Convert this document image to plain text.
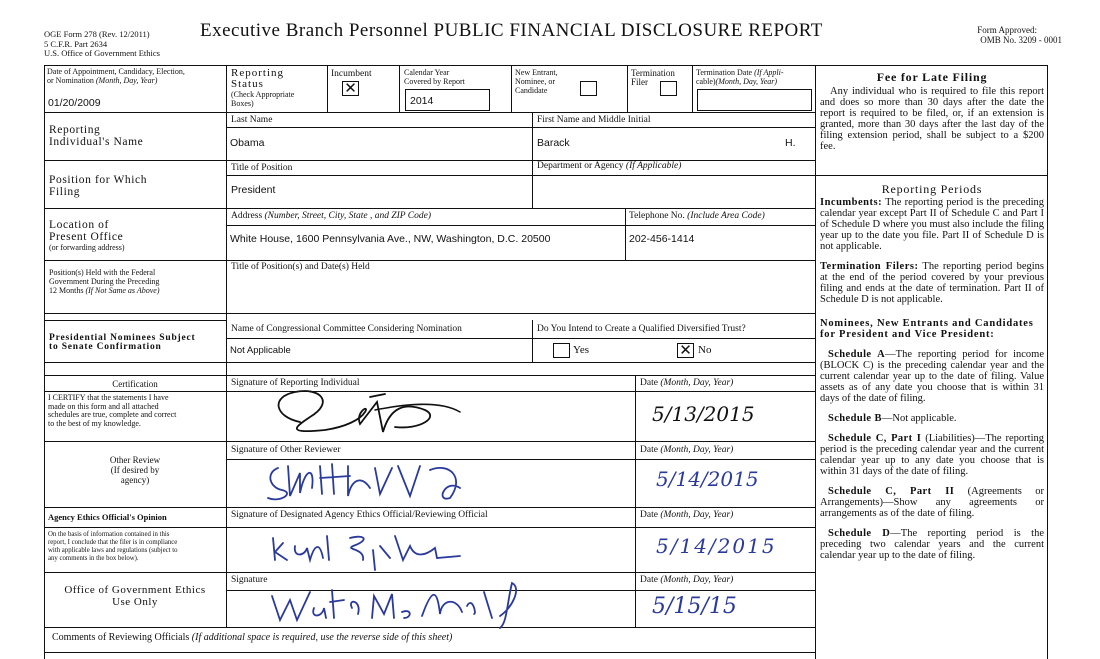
OGE Form 278 (Rev. 12/2011)
5 C.F.R. Part 2634
U.S. Office of Government Ethics
Executive Branch Personnel PUBLIC FINANCIAL DISCLOSURE REPORT	Form Approved:
OMB No. 3209 - 0001
Date of Appointment, Candidacy, Election,
or Nomination (Month, Day, Year)
01/20/2009
Reporting Status
(Check Appropriate
Boxes)
Incumbent
✕
Calendar Year
Covered by Report
2014
New Entrant,
Nominee, or
Candidate
Termination
Filer
Termination Date (If Appli-
cable)(Month, Day, Year)
Reporting
Individual's Name
Last Name
Obama
First Name and Middle Initial
Barack	H.
Position for Which
Filing
Title of Position
President
Department or Agency (If Applicable)
Location of
Present Office
(or forwarding address)
Address (Number, Street, City, State , and ZIP Code)
White House, 1600 Pennsylvania Ave., NW, Washington, D.C. 20500
Telephone No. (Include Area Code)
202-456-1414
Position(s) Held with the Federal
Government During the Preceding
12 Months (If Not Same as Above)
Title of Position(s) and Date(s) Held
Presidential Nominees Subject
to Senate Confirmation
Name of Congressional Committee Considering Nomination
Not Applicable
Do You Intend to Create a Qualified Diversified Trust?
Yes	✕ No
Certification
I CERTIFY that the statements I have
made on this form and all attached
schedules are true, complete and correct
to the best of my knowledge.
Signature of Reporting Individual	Date (Month, Day, Year)
5/13/2015
Other Review
(If desired by
agency)
Signature of Other Reviewer	Date (Month, Day, Year)
5/14/2015
Agency Ethics Official's Opinion
On the basis of information contained in this
report, I conclude that the filer is in compliance
with applicable laws and regulations (subject to
any comments in the box below).
Signature of Designated Agency Ethics Official/Reviewing Official	Date (Month, Day, Year)
5/14/2015
Office of Government Ethics
Use Only
Signature	Date (Month, Day, Year)
5/15/15
Comments of Reviewing Officials (If additional space is required, use the reverse side of this sheet)
Fee for Late Filing
Any individual who is required to file this report and does so more than 30 days after the date the report is required to be filed, or, if an extension is granted, more than 30 days after the last day of the filing extension period, shall be subject to a $200 fee.
Reporting Periods
Incumbents: The reporting period is the preceding calendar year except Part II of Schedule C and Part I of Schedule D where you must also include the filing year up to the date you file. Part II of Schedule D is not applicable.
Termination Filers: The reporting period begins at the end of the period covered by your previous filing and ends at the date of termination. Part II of Schedule D is not applicable.
Nominees, New Entrants and Candidates for President and Vice President:
Schedule A—The reporting period for income (BLOCK C) is the preceding calendar year and the current calendar year up to the date of filing. Value assets as of any date you choose that is within 31 days of the date of filing.
Schedule B—Not applicable.
Schedule C, Part I (Liabilities)—The reporting period is the preceding calendar year and the current calendar year up to any date you choose that is within 31 days of the date of filing.
Schedule C, Part II (Agreements or Arrangements)—Show any agreements or arrangements as of the date of filing.
Schedule D—The reporting period is the preceding two calendar years and the current calendar year up to the date of filing.
